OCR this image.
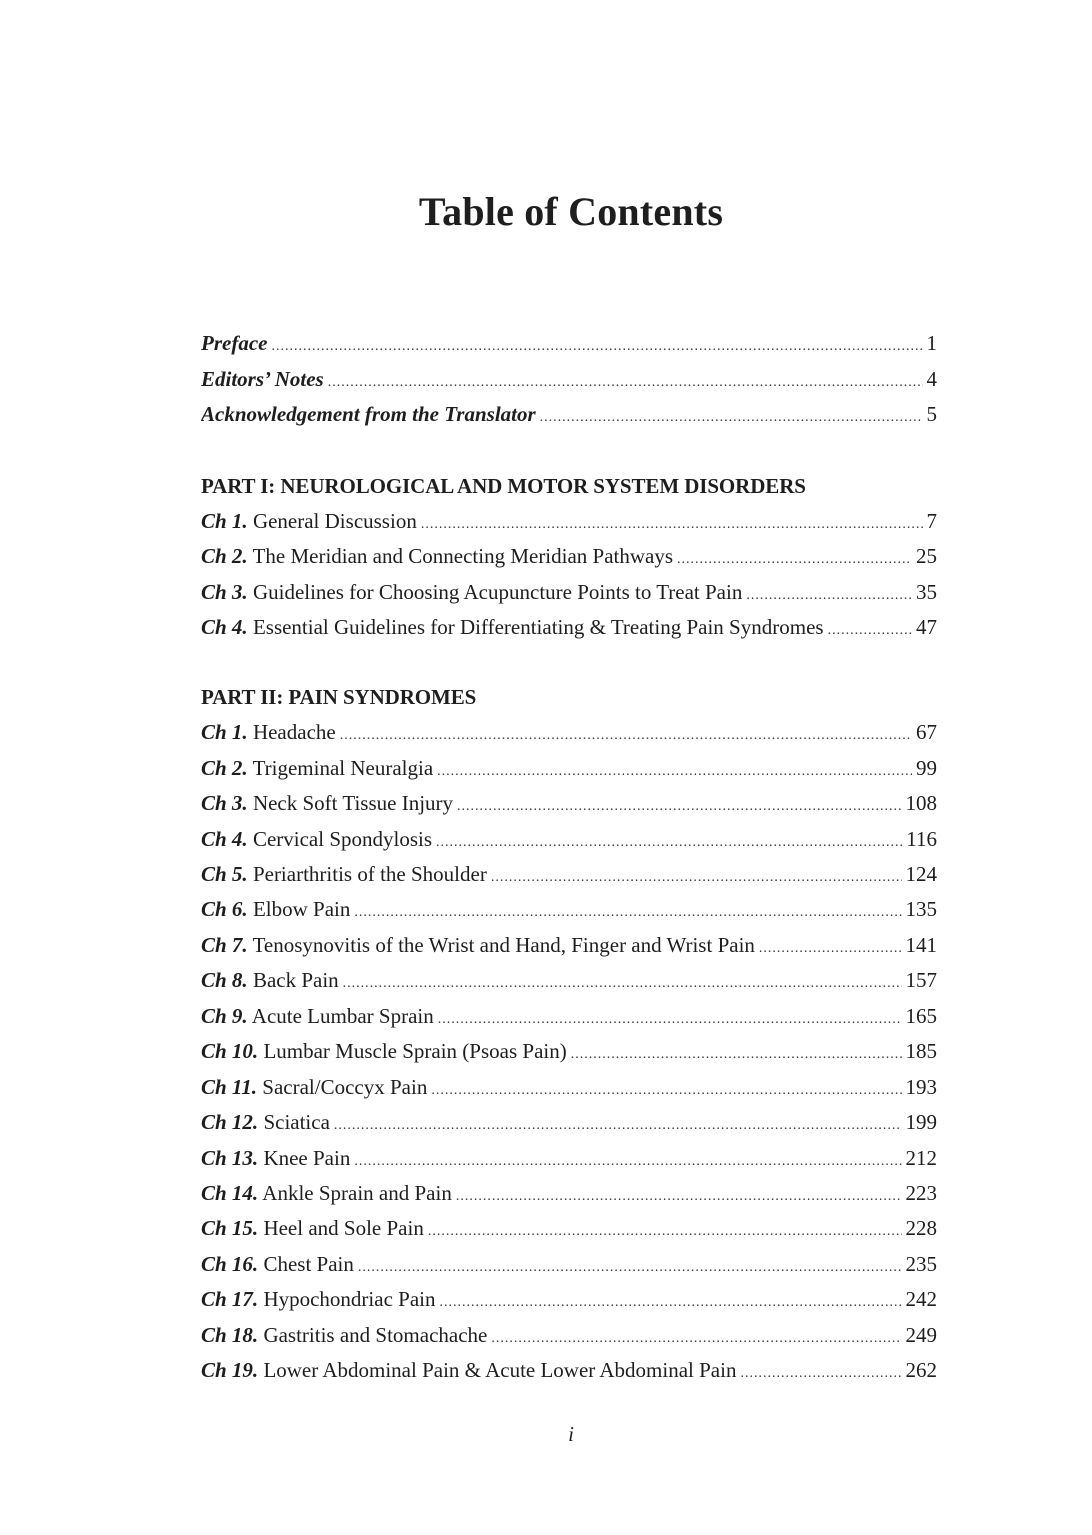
Table of Contents
Preface .....	1
Editors’ Notes .....	4
Acknowledgement from the Translator .....	5
PART I: NEUROLOGICAL AND MOTOR SYSTEM DISORDERS
Ch 1. General Discussion .....	7
Ch 2. The Meridian and Connecting Meridian Pathways .....	25
Ch 3. Guidelines for Choosing Acupuncture Points to Treat Pain .....	35
Ch 4. Essential Guidelines for Differentiating & Treating Pain Syndromes .....	47
PART II: PAIN SYNDROMES
Ch 1. Headache .....	67
Ch 2. Trigeminal Neuralgia .....	99
Ch 3. Neck Soft Tissue Injury .....	108
Ch 4. Cervical Spondylosis .....	116
Ch 5. Periarthritis of the Shoulder .....	124
Ch 6. Elbow Pain .....	135
Ch 7. Tenosynovitis of the Wrist and Hand, Finger and Wrist Pain .....	141
Ch 8. Back Pain .....	157
Ch 9. Acute Lumbar Sprain .....	165
Ch 10. Lumbar Muscle Sprain (Psoas Pain) .....	185
Ch 11. Sacral/Coccyx Pain .....	193
Ch 12. Sciatica .....	199
Ch 13. Knee Pain .....	212
Ch 14. Ankle Sprain and Pain .....	223
Ch 15. Heel and Sole Pain .....	228
Ch 16. Chest Pain .....	235
Ch 17. Hypochondriac Pain .....	242
Ch 18. Gastritis and Stomachache .....	249
Ch 19. Lower Abdominal Pain & Acute Lower Abdominal Pain .....	262
i
